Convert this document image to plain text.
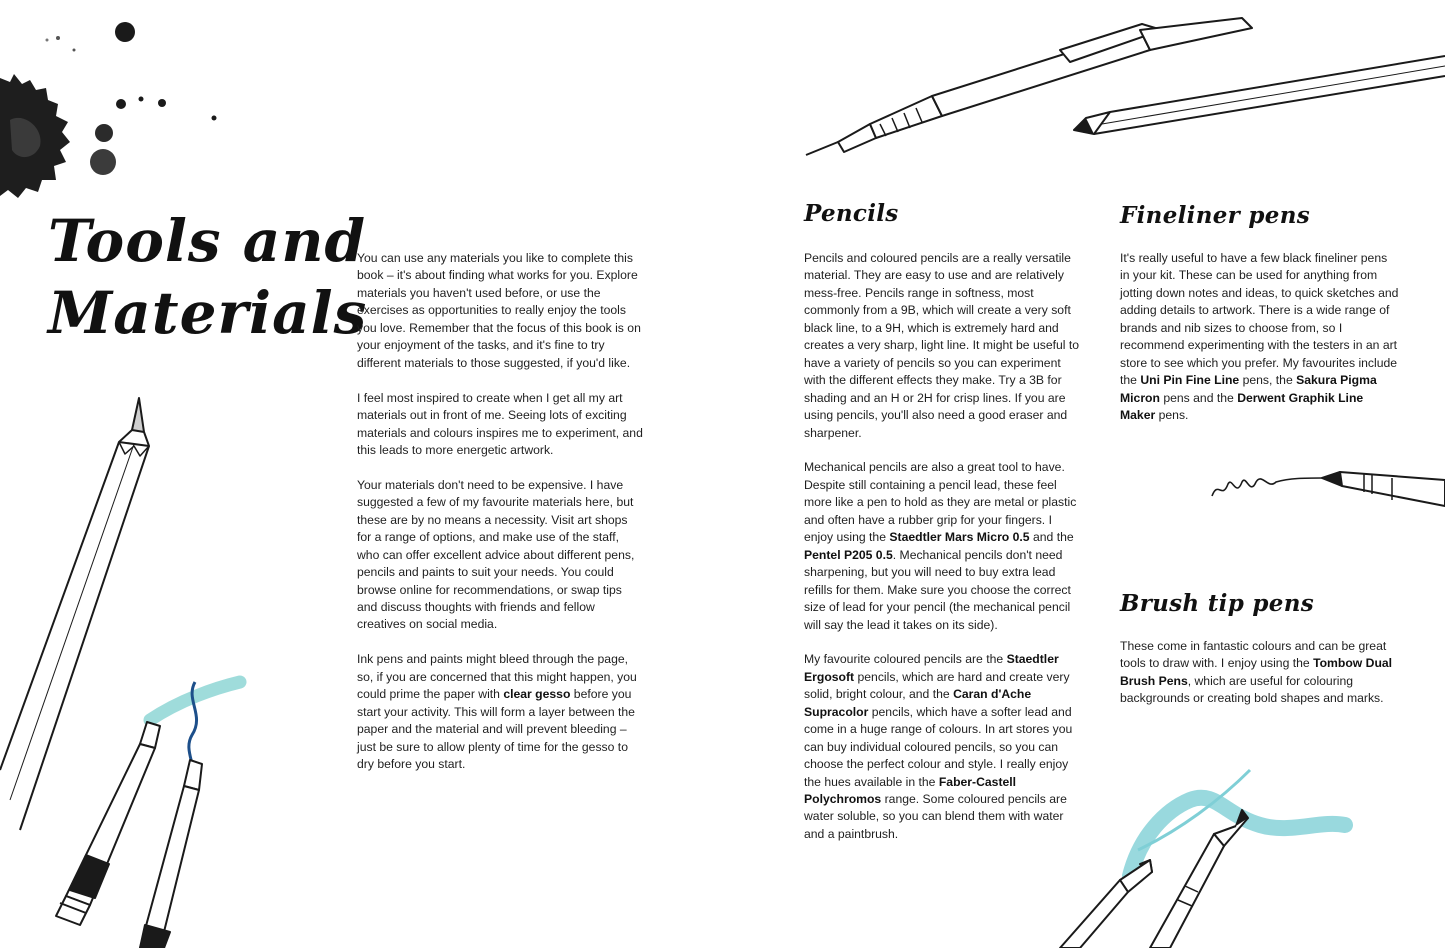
Tools and
Materials

You can use any materials you like to complete this book – it's about finding what works for you. Explore materials you haven't used before, or use the exercises as opportunities to really enjoy the tools you love. Remember that the focus of this book is on your enjoyment of the tasks, and it's fine to try different materials to those suggested, if you'd like.

I feel most inspired to create when I get all my art materials out in front of me. Seeing lots of exciting materials and colours inspires me to experiment, and this leads to more energetic artwork.

Your materials don't need to be expensive. I have suggested a few of my favourite materials here, but these are by no means a necessity. Visit art shops for a range of options, and make use of the staff, who can offer excellent advice about different pens, pencils and paints to suit your needs. You could browse online for recommendations, or swap tips and discuss thoughts with friends and fellow creatives on social media.

Ink pens and paints might bleed through the page, so, if you are concerned that this might happen, you could prime the paper with clear gesso before you start your activity. This will form a layer between the paper and the material and will prevent bleeding – just be sure to allow plenty of time for the gesso to dry before you start.

Pencils

Pencils and coloured pencils are a really versatile material. They are easy to use and are relatively mess-free. Pencils range in softness, most commonly from a 9B, which will create a very soft black line, to a 9H, which is extremely hard and creates a very sharp, light line. It might be useful to have a variety of pencils so you can experiment with the different effects they make. Try a 3B for shading and an H or 2H for crisp lines. If you are using pencils, you'll also need a good eraser and sharpener.

Mechanical pencils are also a great tool to have. Despite still containing a pencil lead, these feel more like a pen to hold as they are metal or plastic and often have a rubber grip for your fingers. I enjoy using the Staedtler Mars Micro 0.5 and the Pentel P205 0.5. Mechanical pencils don't need sharpening, but you will need to buy extra lead refills for them. Make sure you choose the correct size of lead for your pencil (the mechanical pencil will say the lead it takes on its side).

My favourite coloured pencils are the Staedtler Ergosoft pencils, which are hard and create very solid, bright colour, and the Caran d'Ache Supracolor pencils, which have a softer lead and come in a huge range of colours. In art stores you can buy individual coloured pencils, so you can choose the perfect colour and style. I really enjoy the hues available in the Faber-Castell Polychromos range. Some coloured pencils are water soluble, so you can blend them with water and a paintbrush.

Fineliner pens

It's really useful to have a few black fineliner pens in your kit. These can be used for anything from jotting down notes and ideas, to quick sketches and adding details to artwork. There is a wide range of brands and nib sizes to choose from, so I recommend experimenting with the testers in an art store to see which you prefer. My favourites include the Uni Pin Fine Line pens, the Sakura Pigma Micron pens and the Derwent Graphik Line Maker pens.

Brush tip pens

These come in fantastic colours and can be great tools to draw with. I enjoy using the Tombow Dual Brush Pens, which are useful for colouring backgrounds or creating bold shapes and marks.
